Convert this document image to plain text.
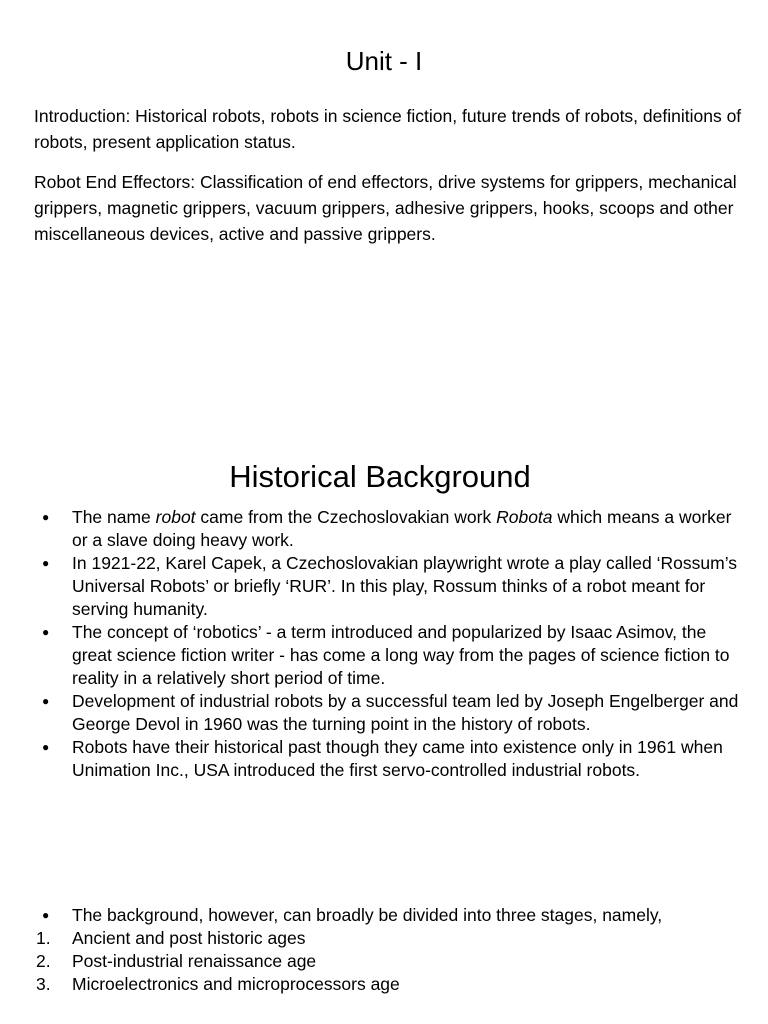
Unit - I

Introduction: Historical robots, robots in science fiction, future trends of robots, definitions of robots, present application status.

Robot End Effectors: Classification of end effectors, drive systems for grippers, mechanical grippers, magnetic grippers, vacuum grippers, adhesive grippers, hooks, scoops and other miscellaneous devices, active and passive grippers.

Historical Background
● The name robot came from the Czechoslovakian work Robota which means a worker or a slave doing heavy work.
● In 1921-22, Karel Capek, a Czechoslovakian playwright wrote a play called ‘Rossum’s Universal Robots’ or briefly ‘RUR’. In this play, Rossum thinks of a robot meant for serving humanity.
● The concept of ‘robotics’ - a term introduced and popularized by Isaac Asimov, the great science fiction writer - has come a long way from the pages of science fiction to reality in a relatively short period of time.
● Development of industrial robots by a successful team led by Joseph Engelberger and George Devol in 1960 was the turning point in the history of robots.
● Robots have their historical past though they came into existence only in 1961 when Unimation Inc., USA introduced the first servo-controlled industrial robots.
● The background, however, can broadly be divided into three stages, namely,
1. Ancient and post historic ages
2. Post-industrial renaissance age
3. Microelectronics and microprocessors age
